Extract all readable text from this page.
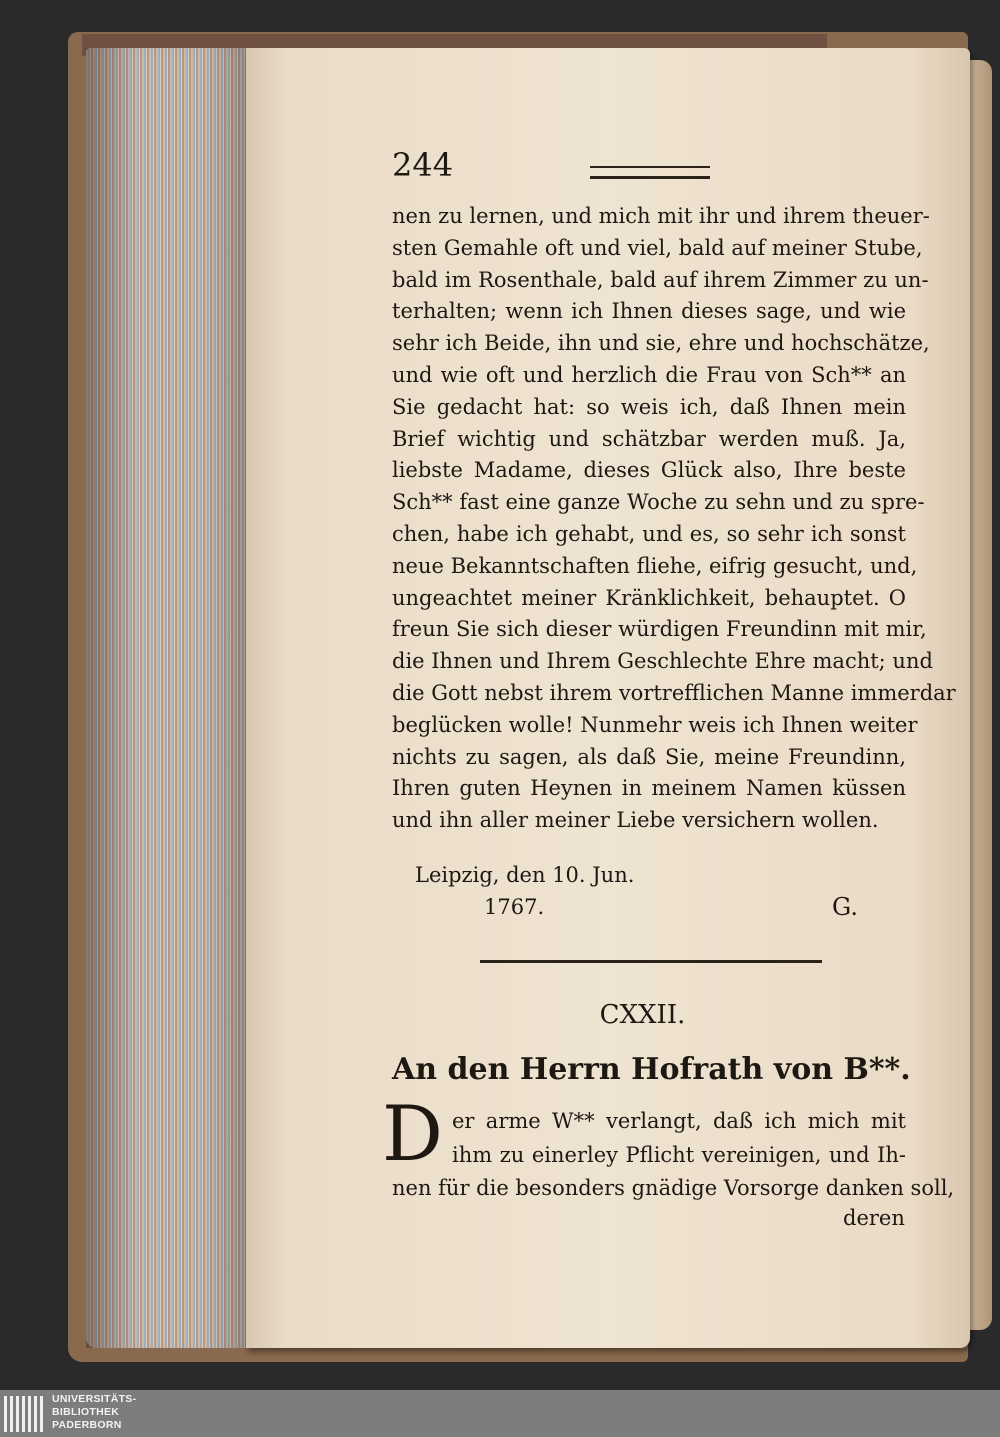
244
nen zu lernen, und mich mit ihr und ihrem theuer-
sten Gemahle oft und viel, bald auf meiner Stube,
bald im Rosenthale, bald auf ihrem Zimmer zu un-
terhalten; wenn ich Ihnen dieses sage, und wie
sehr ich Beide, ihn und sie, ehre und hochschätze,
und wie oft und herzlich die Frau von Sch** an
Sie gedacht hat: so weis ich, daß Ihnen mein
Brief wichtig und schätzbar werden muß. Ja,
liebste Madame, dieses Glück also, Ihre beste
Sch** fast eine ganze Woche zu sehn und zu spre-
chen, habe ich gehabt, und es, so sehr ich sonst
neue Bekanntschaften fliehe, eifrig gesucht, und,
ungeachtet meiner Kränklichkeit, behauptet. O
freun Sie sich dieser würdigen Freundinn mit mir,
die Ihnen und Ihrem Geschlechte Ehre macht; und
die Gott nebst ihrem vortrefflichen Manne immerdar
beglücken wolle! Nunmehr weis ich Ihnen weiter
nichts zu sagen, als daß Sie, meine Freundinn,
Ihren guten Heynen in meinem Namen küssen
und ihn aller meiner Liebe versichern wollen.
Leipzig, den 10. Jun.
1767.	G.
CXXII.
An den Herrn Hofrath von B**.
D er arme W** verlangt, daß ich mich mit
ihm zu einerley Pflicht vereinigen, und Ih-
nen für die besonders gnädige Vorsorge danken soll,
deren
UNIVERSITÄTS-
BIBLIOTHEK
PADERBORN
